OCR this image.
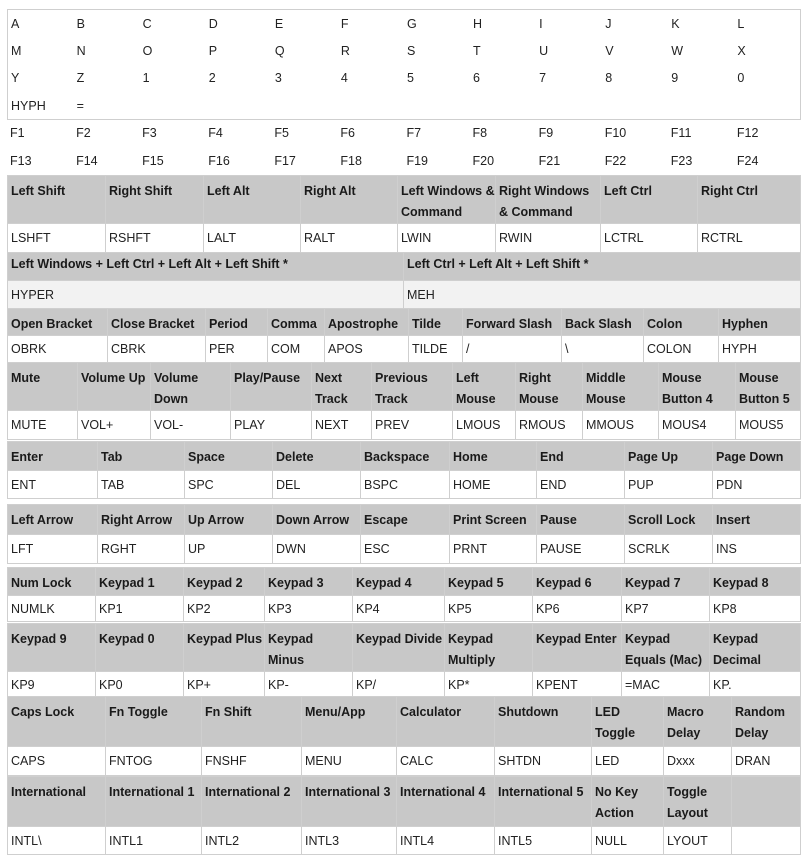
A	B	C	D	E	F	G	H	I	J	K	L
M	N	O	P	Q	R	S	T	U	V	W	X
Y	Z	1	2	3	4	5	6	7	8	9	0
HYPH	=										
F1	F2	F3	F4	F5	F6	F7	F8	F9	F10	F11	F12
F13	F14	F15	F16	F17	F18	F19	F20	F21	F22	F23	F24
Left Shift	Right Shift	Left Alt	Right Alt	Left Windows & Command	Right Windows & Command	Left Ctrl	Right Ctrl
LSHFT	RSHFT	LALT	RALT	LWIN	RWIN	LCTRL	RCTRL
Left Windows + Left Ctrl + Left Alt + Left Shift *	Left Ctrl + Left Alt + Left Shift *
HYPER	MEH
Open Bracket	Close Bracket	Period	Comma	Apostrophe	Tilde	Forward Slash	Back Slash	Colon	Hyphen
OBRK	CBRK	PER	COM	APOS	TILDE	/	\	COLON	HYPH
Mute	Volume Up	Volume Down	Play/Pause	Next Track	Previous Track	Left Mouse	Right Mouse	Middle Mouse	Mouse Button 4	Mouse Button 5
MUTE	VOL+	VOL-	PLAY	NEXT	PREV	LMOUS	RMOUS	MMOUS	MOUS4	MOUS5
Enter	Tab	Space	Delete	Backspace	Home	End	Page Up	Page Down
ENT	TAB	SPC	DEL	BSPC	HOME	END	PUP	PDN
Left Arrow	Right Arrow	Up Arrow	Down Arrow	Escape	Print Screen	Pause	Scroll Lock	Insert
LFT	RGHT	UP	DWN	ESC	PRNT	PAUSE	SCRLK	INS
Num Lock	Keypad 1	Keypad 2	Keypad 3	Keypad 4	Keypad 5	Keypad 6	Keypad 7	Keypad 8
NUMLK	KP1	KP2	KP3	KP4	KP5	KP6	KP7	KP8
Keypad 9	Keypad 0	Keypad Plus	Keypad Minus	Keypad Divide	Keypad Multiply	Keypad Enter	Keypad Equals (Mac)	Keypad Decimal
KP9	KP0	KP+	KP-	KP/	KP*	KPENT	=MAC	KP.
Caps Lock	Fn Toggle	Fn Shift	Menu/App	Calculator	Shutdown	LED Toggle	Macro Delay	Random Delay
CAPS	FNTOG	FNSHF	MENU	CALC	SHTDN	LED	Dxxx	DRAN
International	International 1	International 2	International 3	International 4	International 5	No Key Action	Toggle Layout	
INTL\	INTL1	INTL2	INTL3	INTL4	INTL5	NULL	LYOUT	
